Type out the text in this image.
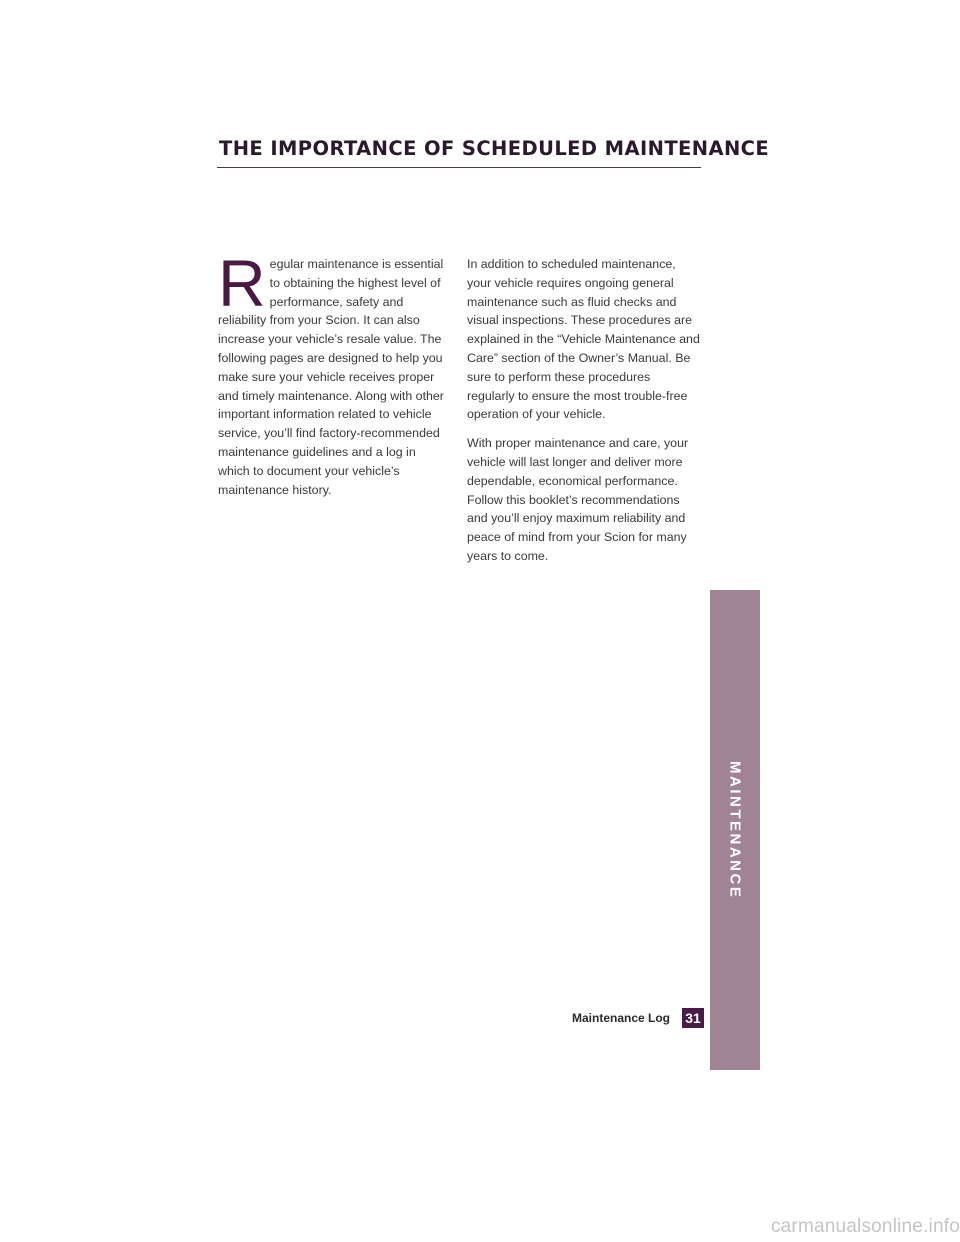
THE IMPORTANCE OF SCHEDULED MAINTENANCE

Regular maintenance is essential to obtaining the highest level of performance, safety and reliability from your Scion. It can also increase your vehicle’s resale value. The following pages are designed to help you make sure your vehicle receives proper and timely maintenance. Along with other important information related to vehicle service, you’ll find factory-recommended maintenance guidelines and a log in which to document your vehicle’s maintenance history.

In addition to scheduled maintenance, your vehicle requires ongoing general maintenance such as fluid checks and visual inspections. These procedures are explained in the “Vehicle Maintenance and Care” section of the Owner’s Manual. Be sure to perform these procedures regularly to ensure the most trouble-free operation of your vehicle.

With proper maintenance and care, your vehicle will last longer and deliver more dependable, economical performance. Follow this booklet’s recommendations and you’ll enjoy maximum reliability and peace of mind from your Scion for many years to come.

MAINTENANCE
Maintenance Log 31
carmanualsonline.info
